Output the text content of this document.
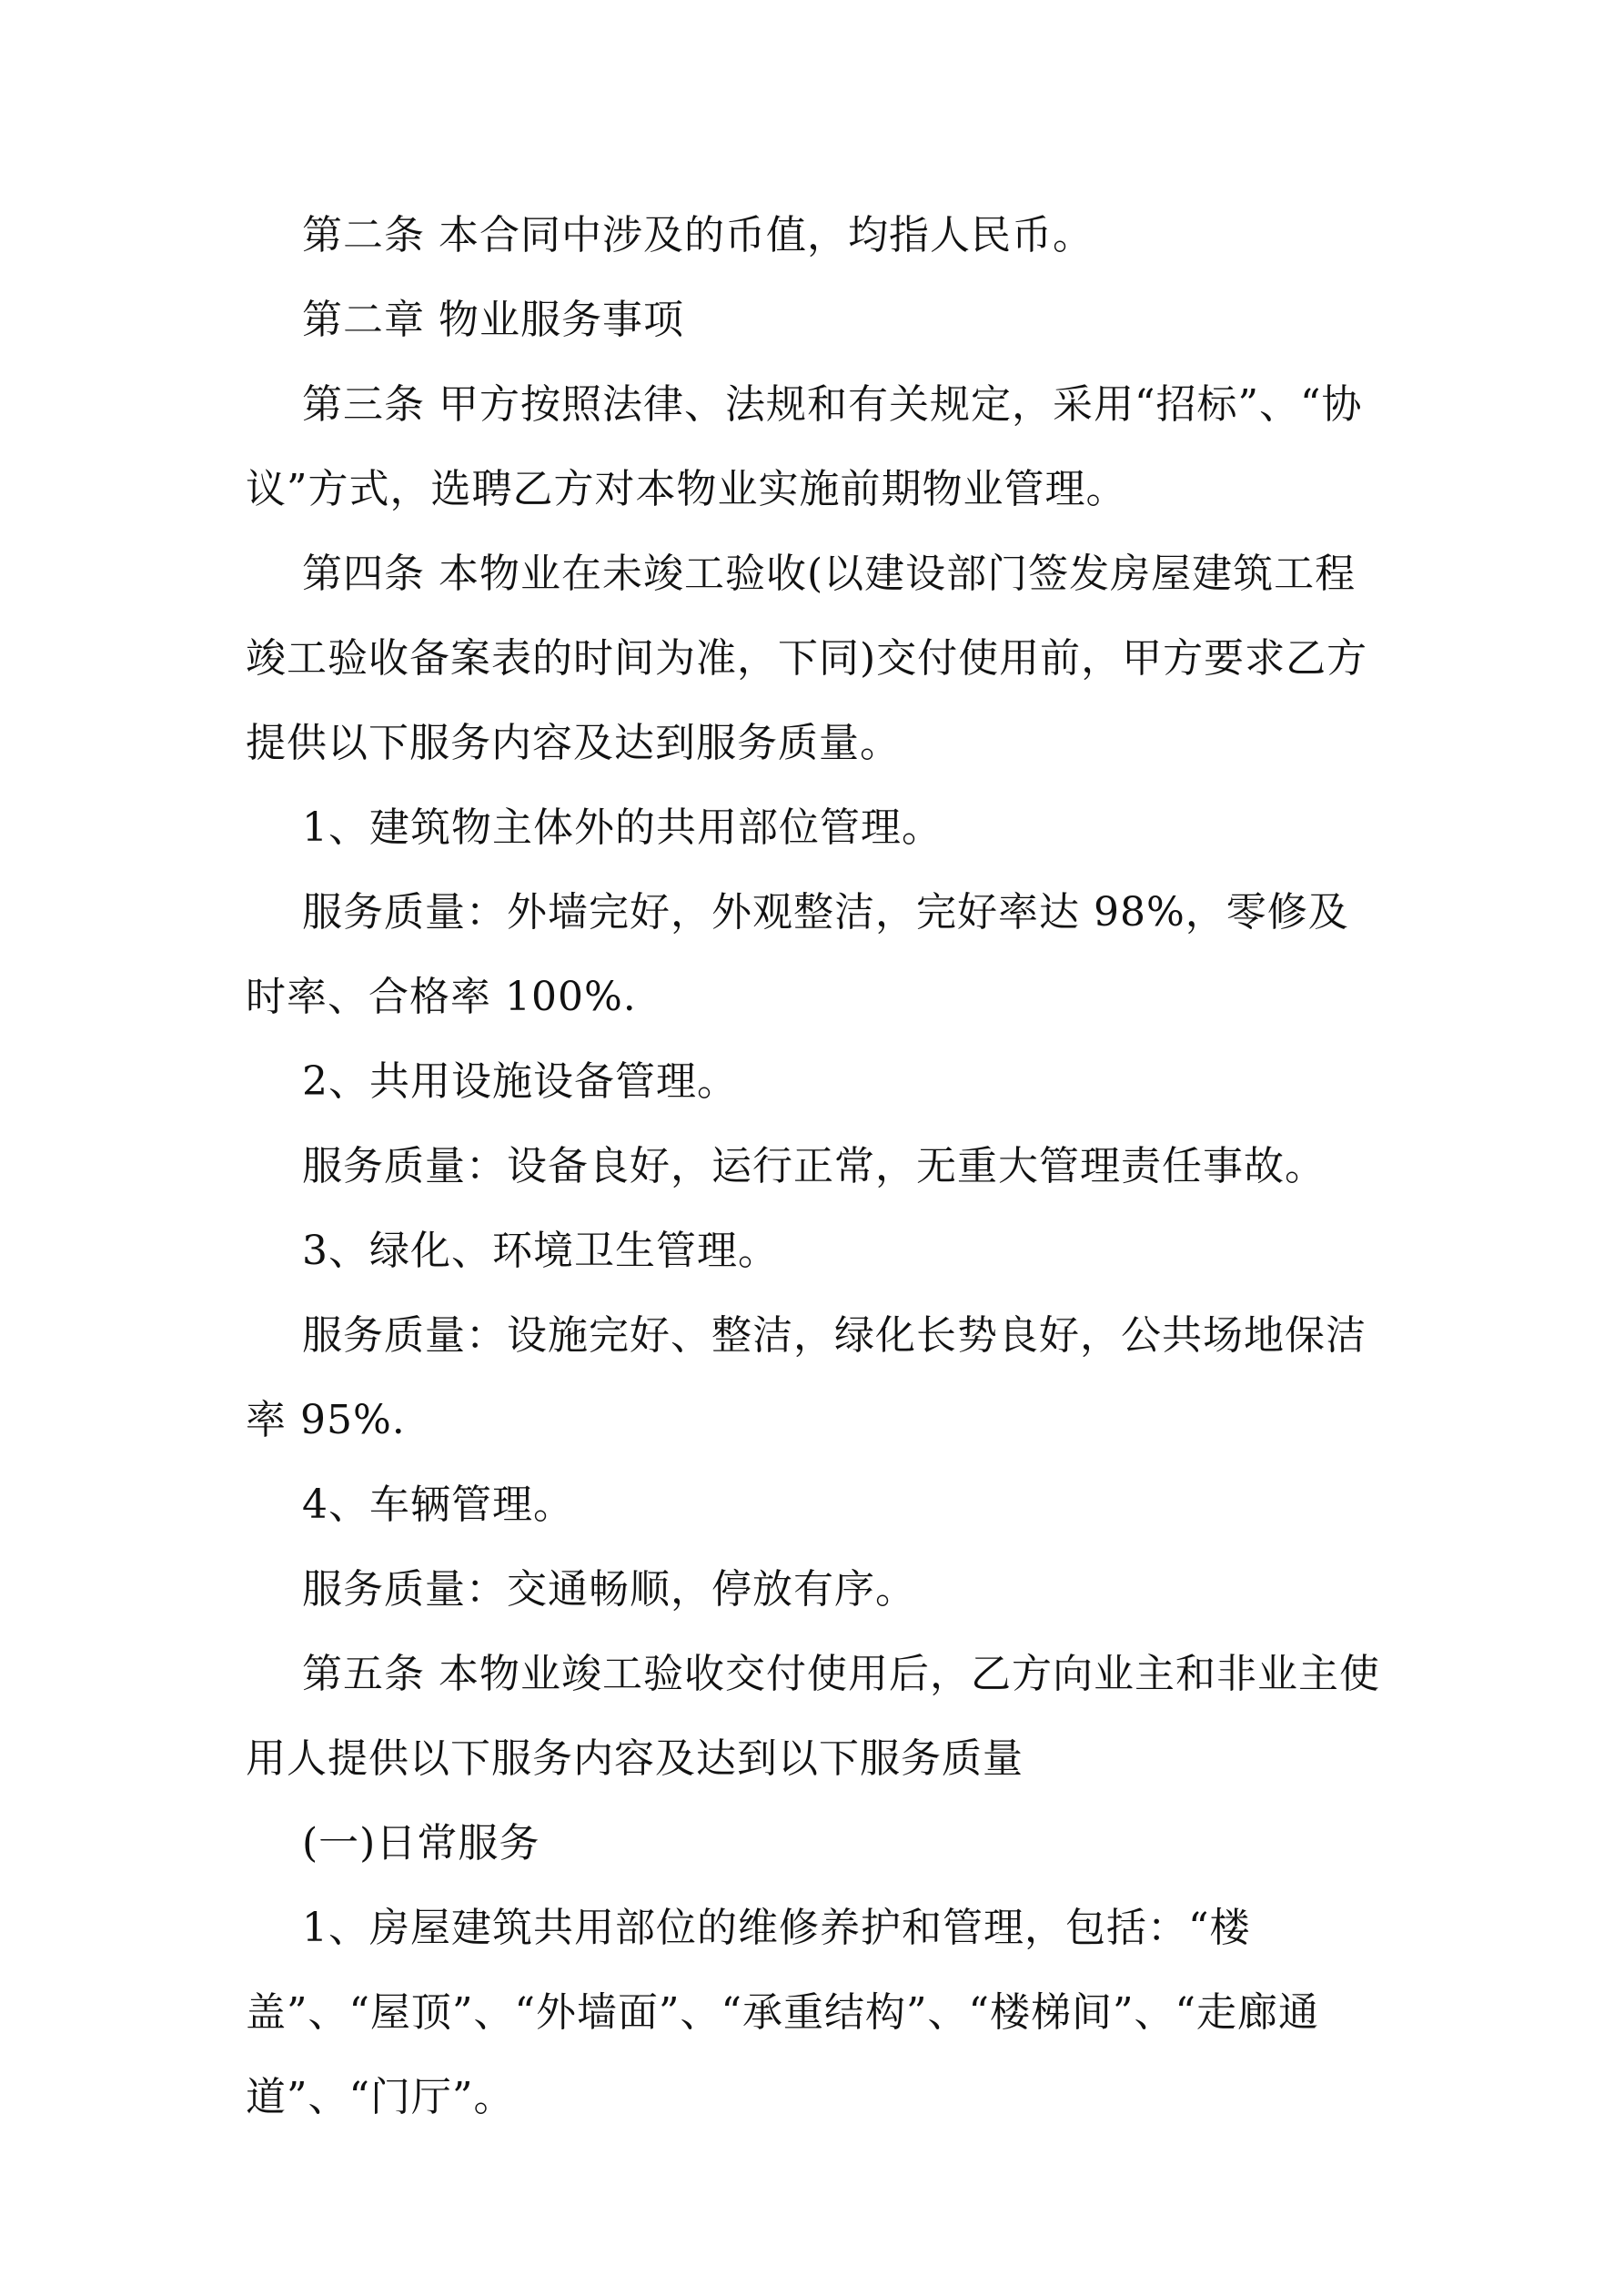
第二条 本合同中涉及的币值，均指人民币。

第二章 物业服务事项

第三条 甲方按照法律、法规和有关规定，采用“招标”、“协议”方式，选聘乙方对本物业实施前期物业管理。

第四条 本物业在未竣工验收(以建设部门签发房屋建筑工程竣工验收备案表的时间为准，下同)交付使用前，甲方要求乙方提供以下服务内容及达到服务质量。

1、建筑物主体外的共用部位管理。

服务质量：外墙完好，外观整洁，完好率达 98%，零修及时率、合格率 100%.

2、共用设施设备管理。

服务质量：设备良好，运行正常，无重大管理责任事故。

3、绿化、环境卫生管理。

服务质量：设施完好、整洁，绿化长势良好，公共场地保洁率 95%.

4、车辆管理。

服务质量：交通畅顺，停放有序。

第五条 本物业竣工验收交付使用后，乙方向业主和非业主使用人提供以下服务内容及达到以下服务质量

(一)日常服务

1、房屋建筑共用部位的维修养护和管理，包括：“楼盖”、“屋顶”、“外墙面”、“承重结构”、“楼梯间”、“走廊通道”、“门厅”。
